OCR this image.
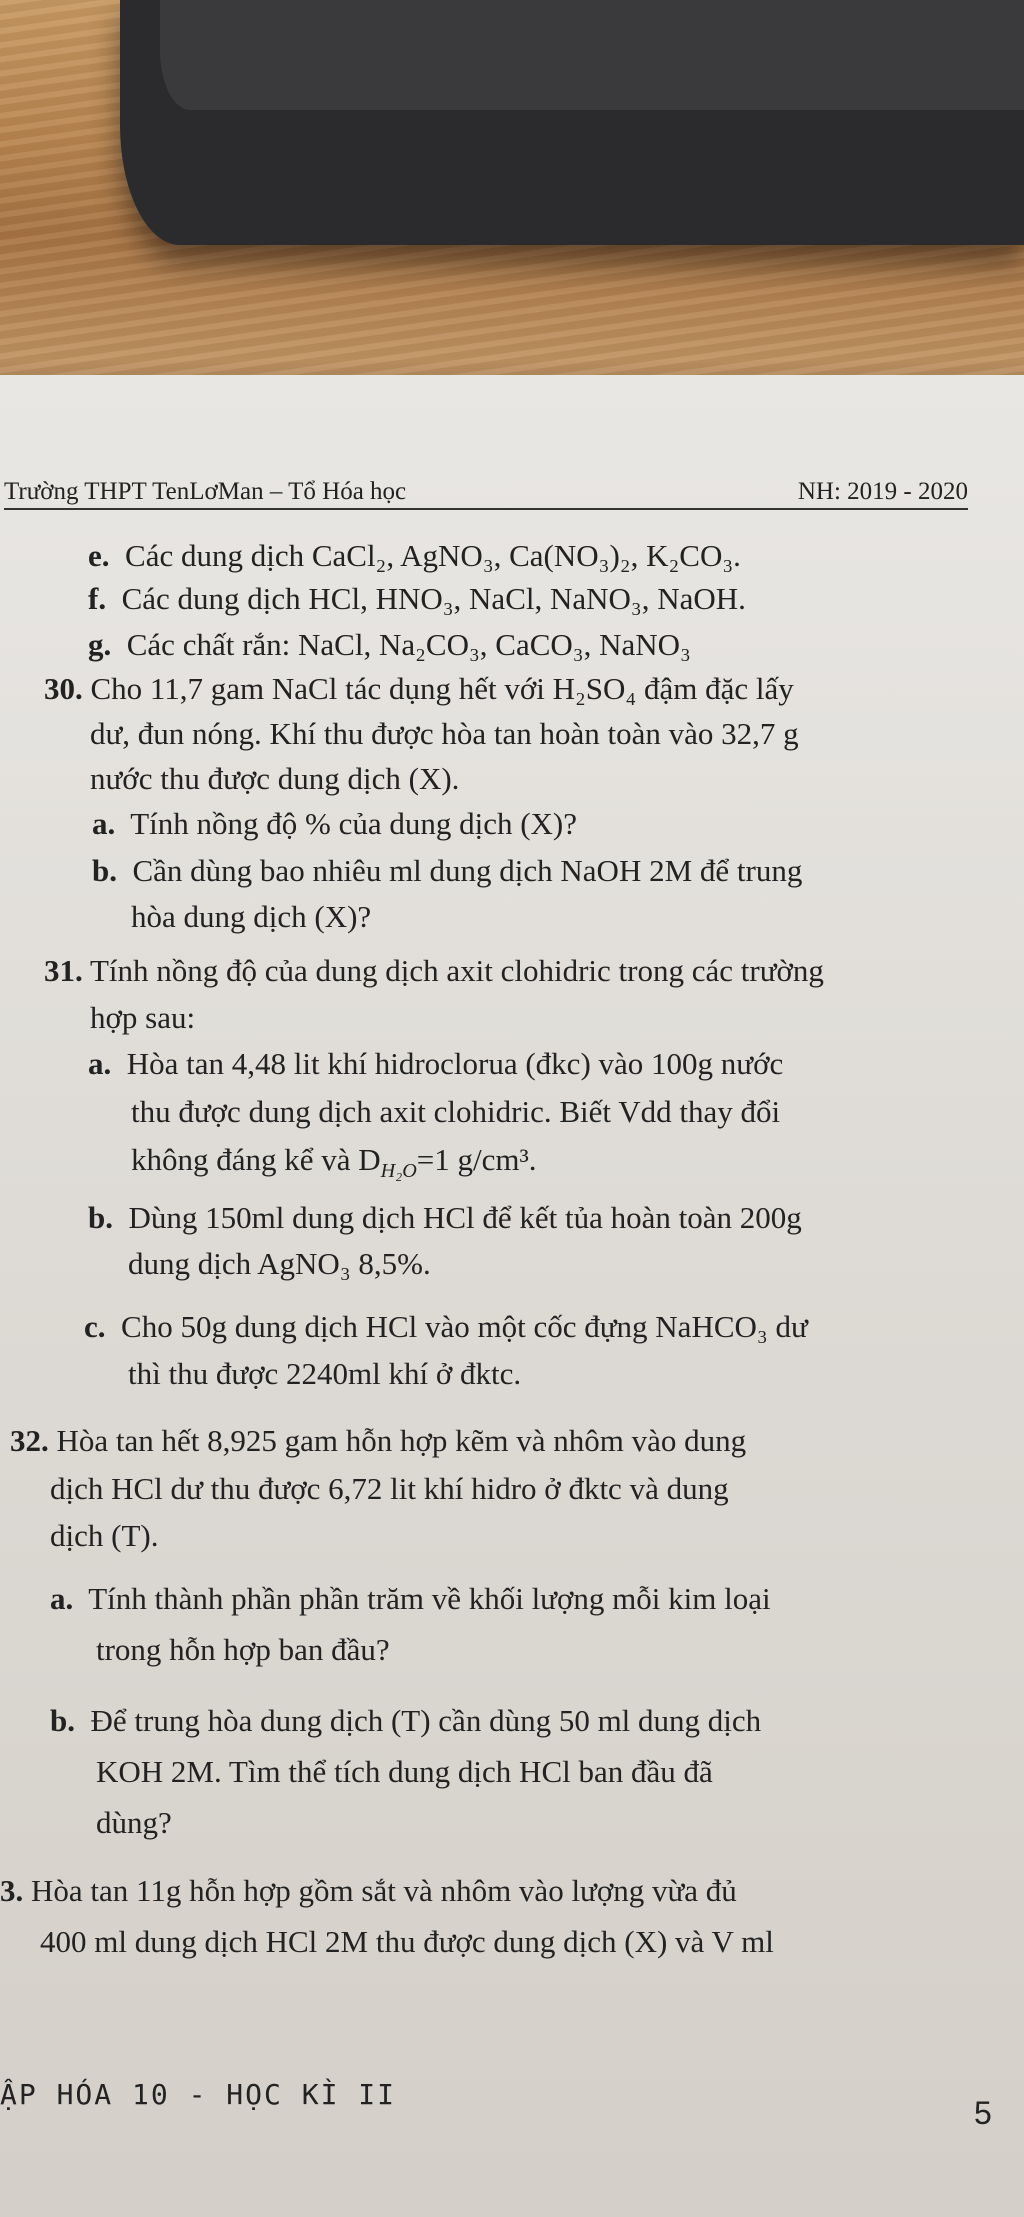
Trường THPT TenLơMan – Tổ Hóa học	NH: 2019 - 2020
e. Các dung dịch CaCl₂, AgNO₃, Ca(NO₃)₂, K₂CO₃.
f. Các dung dịch HCl, HNO₃, NaCl, NaNO₃, NaOH.
g. Các chất rắn: NaCl, Na₂CO₃, CaCO₃, NaNO₃
30. Cho 11,7 gam NaCl tác dụng hết với H₂SO₄ đậm đặc lấy
dư, đun nóng. Khí thu được hòa tan hoàn toàn vào 32,7 g
nước thu được dung dịch (X).
a. Tính nồng độ % của dung dịch (X)?
b. Cần dùng bao nhiêu ml dung dịch NaOH 2M để trung
hòa dung dịch (X)?
31. Tính nồng độ của dung dịch axit clohidric trong các trường
hợp sau:
a. Hòa tan 4,48 lit khí hidroclorua (đkc) vào 100g nước
thu được dung dịch axit clohidric. Biết Vdd thay đổi
không đáng kể và $D_{H_2O}=1$ g/cm³.
b. Dùng 150ml dung dịch HCl để kết tủa hoàn toàn 200g
dung dịch AgNO₃ 8,5%.
c. Cho 50g dung dịch HCl vào một cốc đựng NaHCO₃ dư
thì thu được 2240ml khí ở đktc.
32. Hòa tan hết 8,925 gam hỗn hợp kẽm và nhôm vào dung
dịch HCl dư thu được 6,72 lit khí hidro ở đktc và dung
dịch (T).
a. Tính thành phần phần trăm về khối lượng mỗi kim loại
trong hỗn hợp ban đầu?
b. Để trung hòa dung dịch (T) cần dùng 50 ml dung dịch
KOH 2M. Tìm thể tích dung dịch HCl ban đầu đã
dùng?
3. Hòa tan 11g hỗn hợp gồm sắt và nhôm vào lượng vừa đủ
400 ml dung dịch HCl 2M thu được dung dịch (X) và V ml
ẬP HÓA 10 - HỌC KÌ II
5
